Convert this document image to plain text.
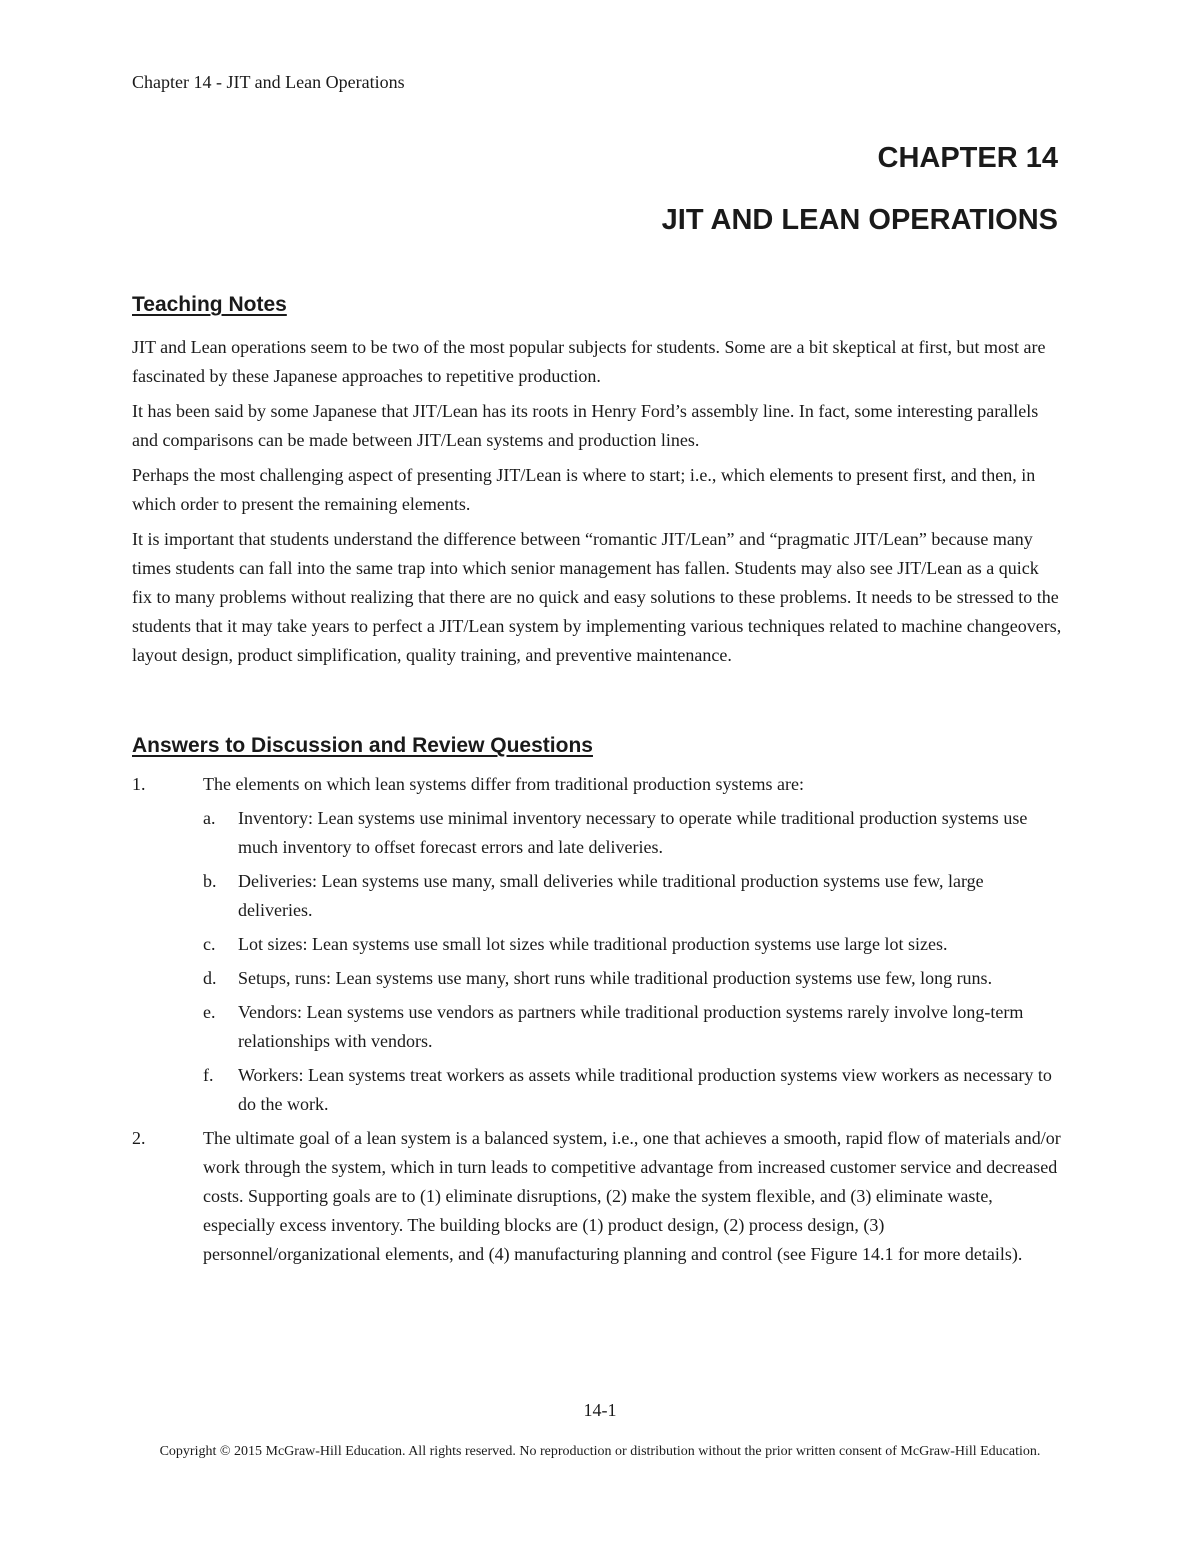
Chapter 14 - JIT and Lean Operations
CHAPTER 14
JIT AND LEAN OPERATIONS
Teaching Notes

JIT and Lean operations seem to be two of the most popular subjects for students. Some are a bit skeptical at first, but most are fascinated by these Japanese approaches to repetitive production.

It has been said by some Japanese that JIT/Lean has its roots in Henry Ford’s assembly line. In fact, some interesting parallels and comparisons can be made between JIT/Lean systems and production lines.

Perhaps the most challenging aspect of presenting JIT/Lean is where to start; i.e., which elements to present first, and then, in which order to present the remaining elements.

It is important that students understand the difference between “romantic JIT/Lean” and “pragmatic JIT/Lean” because many times students can fall into the same trap into which senior management has fallen. Students may also see JIT/Lean as a quick fix to many problems without realizing that there are no quick and easy solutions to these problems. It needs to be stressed to the students that it may take years to perfect a JIT/Lean system by implementing various techniques related to machine changeovers, layout design, product simplification, quality training, and preventive maintenance.

Answers to Discussion and Review Questions
1.	The elements on which lean systems differ from traditional production systems are:

a. Inventory: Lean systems use minimal inventory necessary to operate while traditional production systems use much inventory to offset forecast errors and late deliveries.
b. Deliveries: Lean systems use many, small deliveries while traditional production systems use few, large deliveries.
c. Lot sizes: Lean systems use small lot sizes while traditional production systems use large lot sizes.
d. Setups, runs: Lean systems use many, short runs while traditional production systems use few, long runs.
e. Vendors: Lean systems use vendors as partners while traditional production systems rarely involve long-term relationships with vendors.
f. Workers: Lean systems treat workers as assets while traditional production systems view workers as necessary to do the work.
2.	The ultimate goal of a lean system is a balanced system, i.e., one that achieves a smooth, rapid flow of materials and/or work through the system, which in turn leads to competitive advantage from increased customer service and decreased costs. Supporting goals are to (1) eliminate disruptions, (2) make the system flexible, and (3) eliminate waste, especially excess inventory. The building blocks are (1) product design, (2) process design, (3) personnel/organizational elements, and (4) manufacturing planning and control (see Figure 14.1 for more details).

14-1
Copyright © 2015 McGraw-Hill Education. All rights reserved. No reproduction or distribution without the prior written consent of McGraw-Hill Education.
